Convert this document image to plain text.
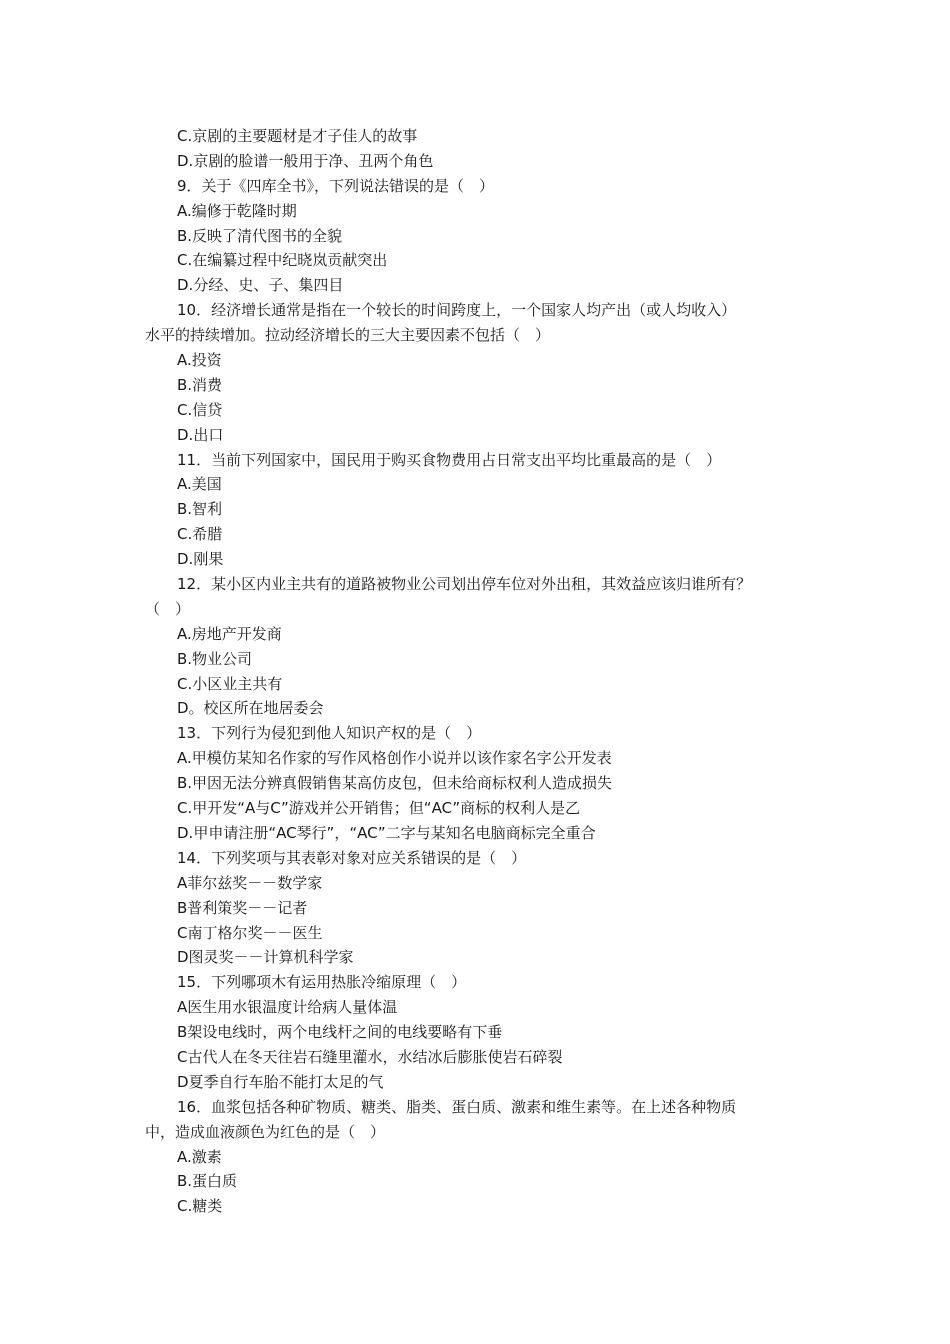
C.京剧的主要题材是才子佳人的故事
D.京剧的脸谱一般用于净、丑两个角色
9．关于《四库全书》，下列说法错误的是（　）
A.编修于乾隆时期
B.反映了清代图书的全貌
C.在编纂过程中纪晓岚贡献突出
D.分经、史、子、集四目
10．经济增长通常是指在一个较长的时间跨度上，一个国家人均产出（或人均收入）
水平的持续增加。拉动经济增长的三大主要因素不包括（　）
A.投资
B.消费
C.信贷
D.出口
11．当前下列国家中，国民用于购买食物费用占日常支出平均比重最高的是（　）
A.美国
B.智利
C.希腊
D.刚果
12．某小区内业主共有的道路被物业公司划出停车位对外出租，其效益应该归谁所有？
（　）
A.房地产开发商
B.物业公司
C.小区业主共有
D。校区所在地居委会
13．下列行为侵犯到他人知识产权的是（　）
A.甲模仿某知名作家的写作风格创作小说并以该作家名字公开发表
B.甲因无法分辨真假销售某高仿皮包，但未给商标权利人造成损失
C.甲开发“A与C”游戏并公开销售；但“AC”商标的权利人是乙
D.甲申请注册“AC琴行”，“AC”二字与某知名电脑商标完全重合
14．下列奖项与其表彰对象对应关系错误的是（　）
A菲尔兹奖－－数学家
B普利策奖－－记者
C南丁格尔奖－－医生
D图灵奖－－计算机科学家
15．下列哪项木有运用热胀冷缩原理（　）
A医生用水银温度计给病人量体温
B架设电线时，两个电线杆之间的电线要略有下垂
C古代人在冬天往岩石缝里灌水，水结冰后膨胀使岩石碎裂
D夏季自行车胎不能打太足的气
16．血浆包括各种矿物质、糖类、脂类、蛋白质、激素和维生素等。在上述各种物质
中，造成血液颜色为红色的是（　）
A.激素
B.蛋白质
C.糖类
